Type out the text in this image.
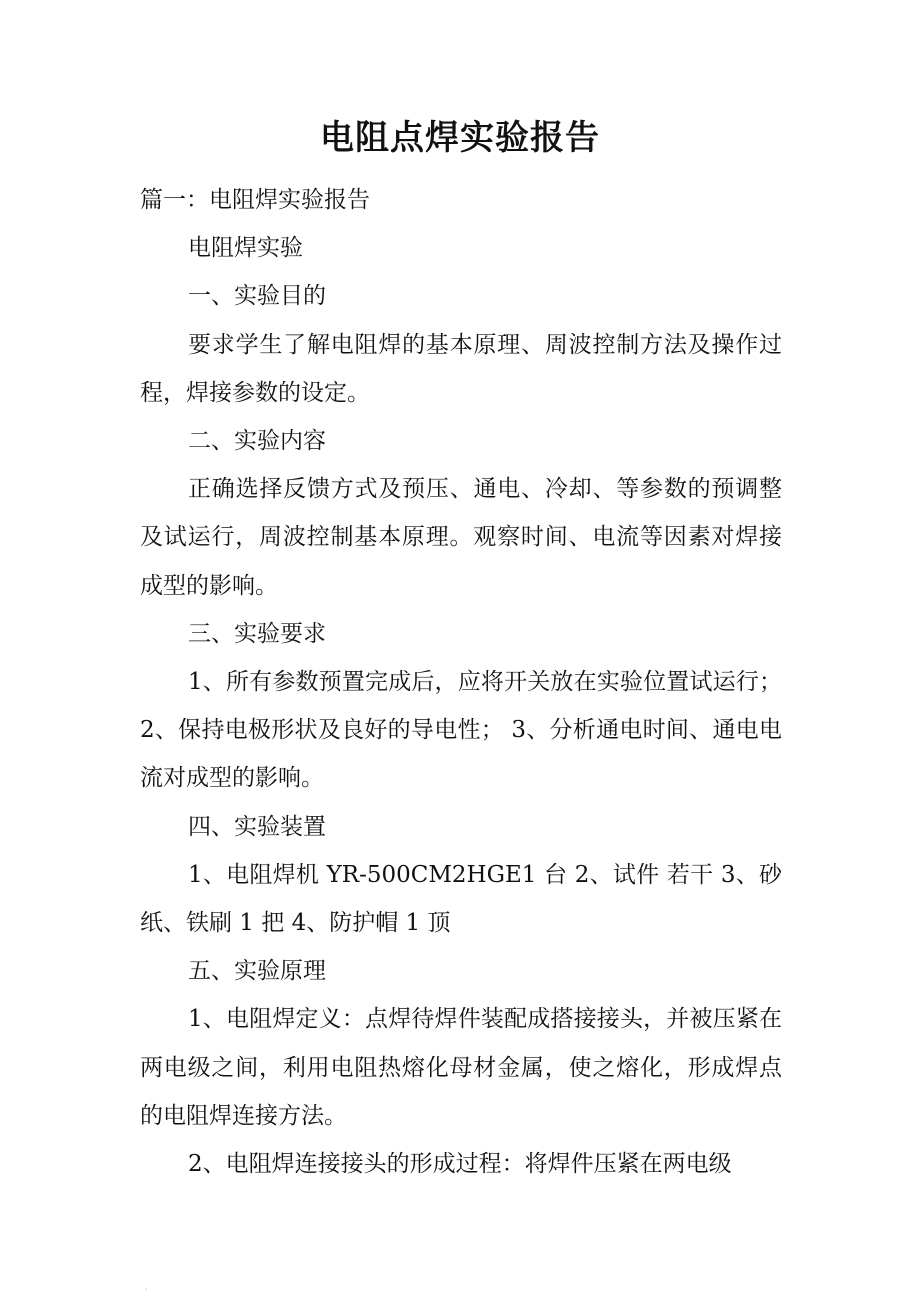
电阻点焊实验报告

篇一：电阻焊实验报告

电阻焊实验

一、实验目的

要求学生了解电阻焊的基本原理、周波控制方法及操作过程，焊接参数的设定。

二、实验内容

正确选择反馈方式及预压、通电、冷却、等参数的预调整及试运行，周波控制基本原理。观察时间、电流等因素对焊接成型的影响。

三、实验要求

1、所有参数预置完成后，应将开关放在实验位置试运行； 2、保持电极形状及良好的导电性； 3、分析通电时间、通电电流对成型的影响。

四、实验装置

1、电阻焊机 YR-500CM2HGE1 台 2、试件 若干 3、砂纸、铁刷 1 把 4、防护帽 1 顶

五、实验原理

1、电阻焊定义：点焊待焊件装配成搭接接头，并被压紧在两电级之间，利用电阻热熔化母材金属，使之熔化，形成焊点的电阻焊连接方法。

2、电阻焊连接接头的形成过程：将焊件压紧在两电级
